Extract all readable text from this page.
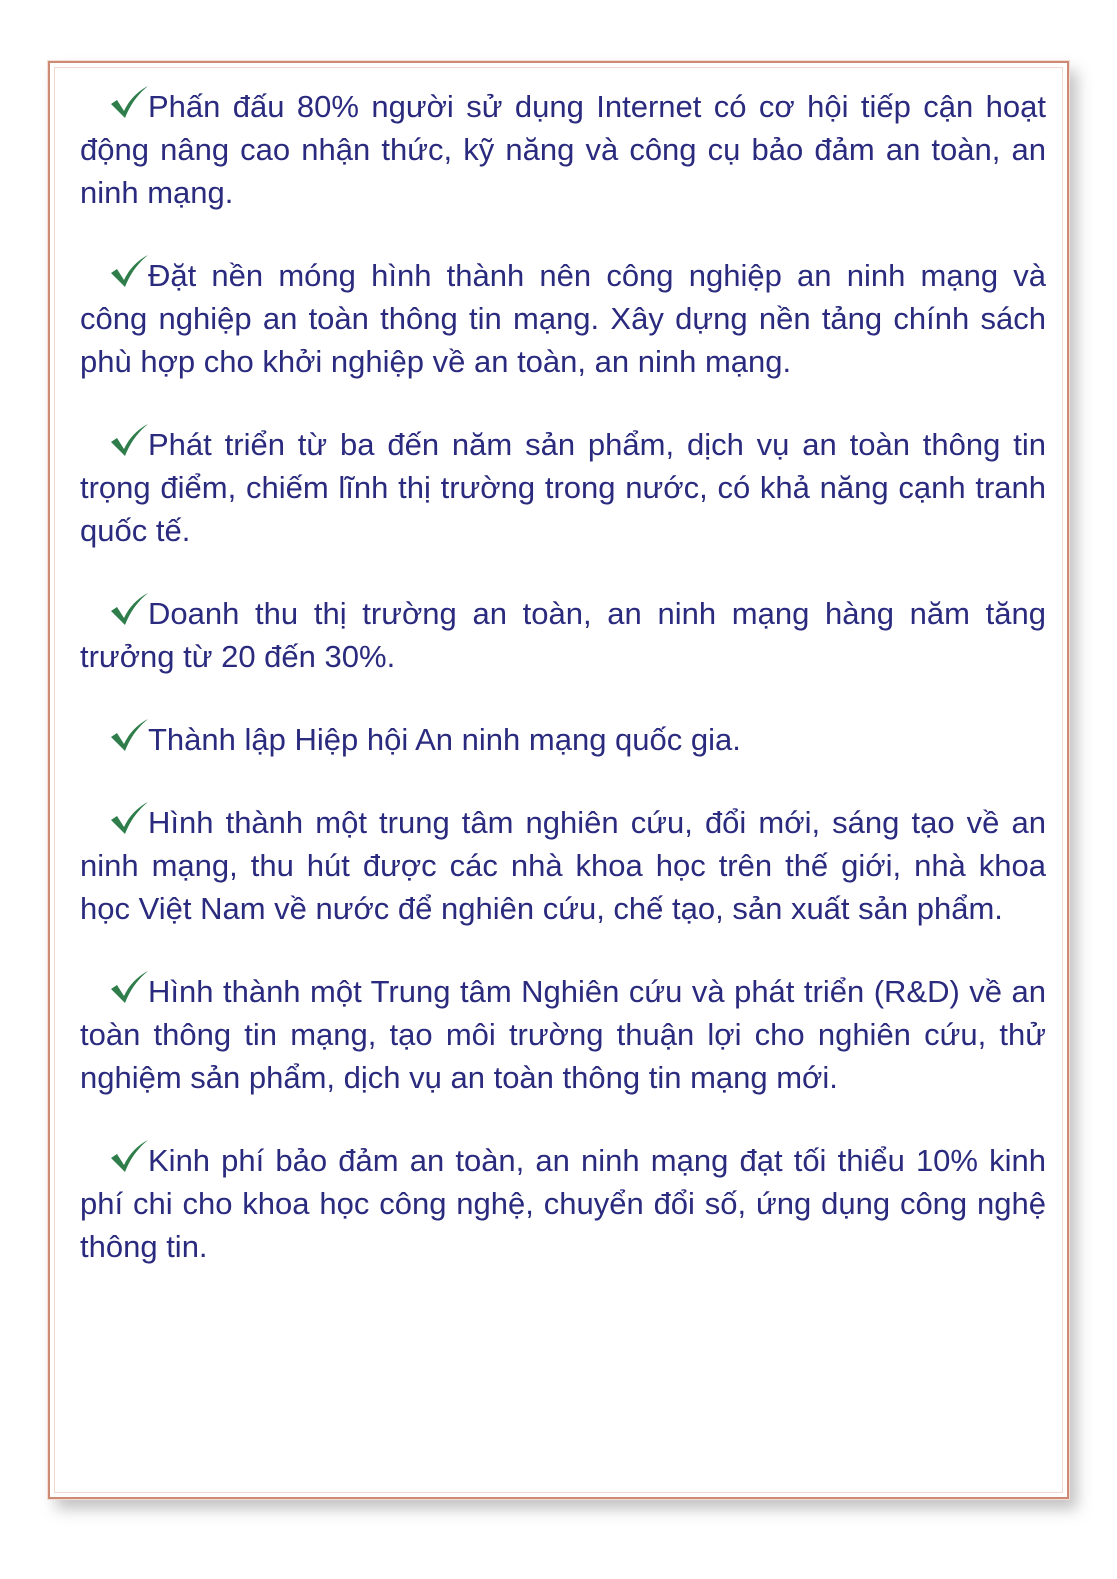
Phấn đấu 80% người sử dụng Internet có cơ hội tiếp cận hoạt động nâng cao nhận thức, kỹ năng và công cụ bảo đảm an toàn, an ninh mạng.

Đặt nền móng hình thành nên công nghiệp an ninh mạng và công nghiệp an toàn thông tin mạng. Xây dựng nền tảng chính sách phù hợp cho khởi nghiệp về an toàn, an ninh mạng.

Phát triển từ ba đến năm sản phẩm, dịch vụ an toàn thông tin trọng điểm, chiếm lĩnh thị trường trong nước, có khả năng cạnh tranh quốc tế.

Doanh thu thị trường an toàn, an ninh mạng hàng năm tăng trưởng từ 20 đến 30%.

Thành lập Hiệp hội An ninh mạng quốc gia.

Hình thành một trung tâm nghiên cứu, đổi mới, sáng tạo về an ninh mạng, thu hút được các nhà khoa học trên thế giới, nhà khoa học Việt Nam về nước để nghiên cứu, chế tạo, sản xuất sản phẩm.

Hình thành một Trung tâm Nghiên cứu và phát triển (R&D) về an toàn thông tin mạng, tạo môi trường thuận lợi cho nghiên cứu, thử nghiệm sản phẩm, dịch vụ an toàn thông tin mạng mới.

Kinh phí bảo đảm an toàn, an ninh mạng đạt tối thiểu 10% kinh phí chi cho khoa học công nghệ, chuyển đổi số, ứng dụng công nghệ thông tin.
